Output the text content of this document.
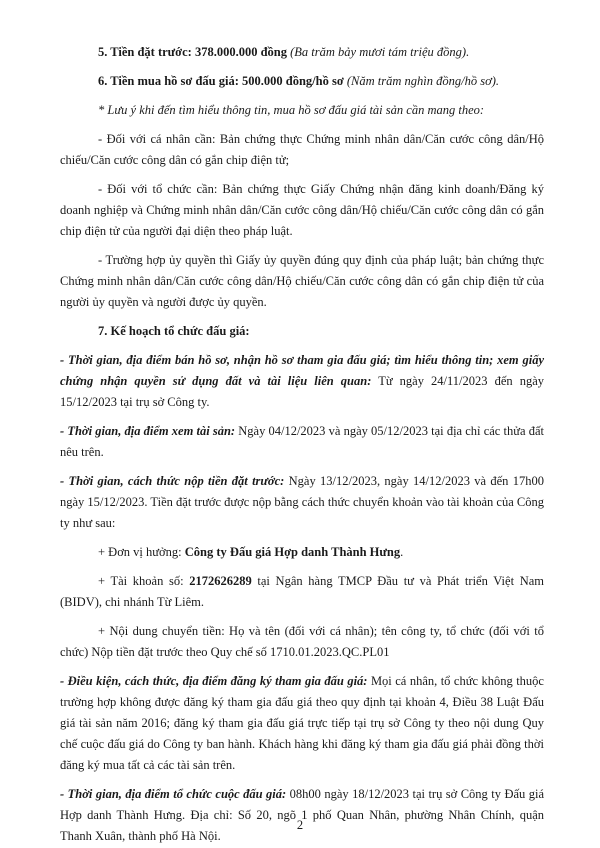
5. Tiền đặt trước: 378.000.000 đồng (Ba trăm bảy mươi tám triệu đồng).

6. Tiền mua hồ sơ đấu giá: 500.000 đồng/hồ sơ (Năm trăm nghìn đồng/hồ sơ).

* Lưu ý khi đến tìm hiểu thông tin, mua hồ sơ đấu giá tài sản cần mang theo:

- Đối với cá nhân cần: Bản chứng thực Chứng minh nhân dân/Căn cước công dân/Hộ chiếu/Căn cước công dân có gắn chip điện tử;

- Đối với tổ chức cần: Bản chứng thực Giấy Chứng nhận đăng kinh doanh/Đăng ký doanh nghiệp và Chứng minh nhân dân/Căn cước công dân/Hộ chiếu/Căn cước công dân có gắn chip điện tử của người đại diện theo pháp luật.

- Trường hợp ủy quyền thì Giấy ủy quyền đúng quy định của pháp luật; bản chứng thực Chứng minh nhân dân/Căn cước công dân/Hộ chiếu/Căn cước công dân có gắn chip điện tử của người ủy quyền và người được ủy quyền.

7. Kế hoạch tổ chức đấu giá:

- Thời gian, địa điểm bán hồ sơ, nhận hồ sơ tham gia đấu giá; tìm hiểu thông tin; xem giấy chứng nhận quyền sử dụng đất và tài liệu liên quan: Từ ngày 24/11/2023 đến ngày 15/12/2023 tại trụ sở Công ty.

- Thời gian, địa điểm xem tài sản: Ngày 04/12/2023 và ngày 05/12/2023 tại địa chỉ các thửa đất nêu trên.

- Thời gian, cách thức nộp tiền đặt trước: Ngày 13/12/2023, ngày 14/12/2023 và đến 17h00 ngày 15/12/2023. Tiền đặt trước được nộp bằng cách thức chuyển khoản vào tài khoản của Công ty như sau:

+ Đơn vị hưởng: Công ty Đấu giá Hợp danh Thành Hưng.

+ Tài khoản số: 2172626289 tại Ngân hàng TMCP Đầu tư và Phát triển Việt Nam (BIDV), chi nhánh Từ Liêm.

+ Nội dung chuyển tiền: Họ và tên (đối với cá nhân); tên công ty, tổ chức (đối với tổ chức) Nộp tiền đặt trước theo Quy chế số 1710.01.2023.QC.PL01

- Điều kiện, cách thức, địa điểm đăng ký tham gia đấu giá: Mọi cá nhân, tổ chức không thuộc trường hợp không được đăng ký tham gia đấu giá theo quy định tại khoản 4, Điều 38 Luật Đấu giá tài sản năm 2016; đăng ký tham gia đấu giá trực tiếp tại trụ sở Công ty theo nội dung Quy chế cuộc đấu giá do Công ty ban hành. Khách hàng khi đăng ký tham gia đấu giá phải đồng thời đăng ký mua tất cả các tài sản trên.

- Thời gian, địa điểm tổ chức cuộc đấu giá: 08h00 ngày 18/12/2023 tại trụ sở Công ty Đấu giá Hợp danh Thành Hưng. Địa chỉ: Số 20, ngõ 1 phố Quan Nhân, phường Nhân Chính, quận Thanh Xuân, thành phố Hà Nội.

2
